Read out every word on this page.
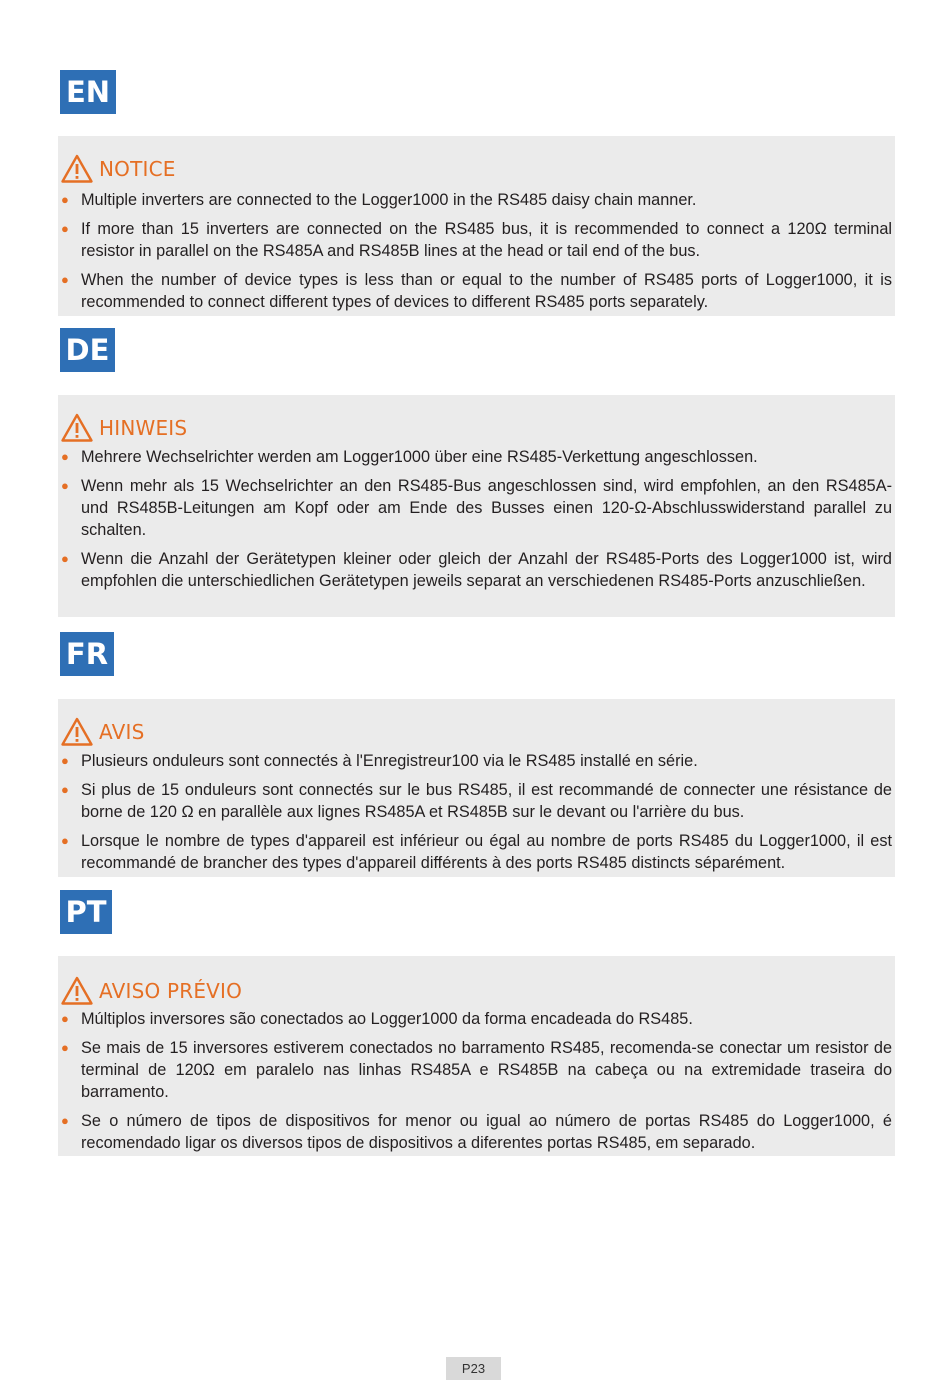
EN
NOTICE
● Multiple inverters are connected to the Logger1000 in the RS485 daisy chain manner.
● If more than 15 inverters are connected on the RS485 bus, it is recommended to connect a 120Ω terminal resistor in parallel on the RS485A and RS485B lines at the head or tail end of the bus.
● When the number of device types is less than or equal to the number of RS485 ports of Logger1000, it is recommended to connect different types of devices to different RS485 ports separately.
DE
HINWEIS
● Mehrere Wechselrichter werden am Logger1000 über eine RS485-Verkettung angeschlossen.
● Wenn mehr als 15 Wechselrichter an den RS485-Bus angeschlossen sind, wird empfohlen, an den RS485A- und RS485B-Leitungen am Kopf oder am Ende des Busses einen 120-Ω-Abschlusswiderstand parallel zu schalten.
● Wenn die Anzahl der Gerätetypen kleiner oder gleich der Anzahl der RS485-Ports des Logger1000 ist, wird empfohlen die unterschiedlichen Gerätetypen jeweils separat an verschiedenen RS485-Ports anzuschließen.
FR
AVIS
● Plusieurs onduleurs sont connectés à l'Enregistreur100 via le RS485 installé en série.
● Si plus de 15 onduleurs sont connectés sur le bus RS485, il est recommandé de connecter une résistance de borne de 120 Ω en parallèle aux lignes RS485A et RS485B sur le devant ou l'arrière du bus.
● Lorsque le nombre de types d'appareil est inférieur ou égal au nombre de ports RS485 du Logger1000, il est recommandé de brancher des types d'appareil différents à des ports RS485 distincts séparément.
PT
AVISO PRÉVIO
● Múltiplos inversores são conectados ao Logger1000 da forma encadeada do RS485.
● Se mais de 15 inversores estiverem conectados no barramento RS485, recomenda-se conectar um resistor de terminal de 120Ω em paralelo nas linhas RS485A e RS485B na cabeça ou na extremidade traseira do barramento.
● Se o número de tipos de dispositivos for menor ou igual ao número de portas RS485 do Logger1000, é recomendado ligar os diversos tipos de dispositivos a diferentes portas RS485, em separado.
P23
